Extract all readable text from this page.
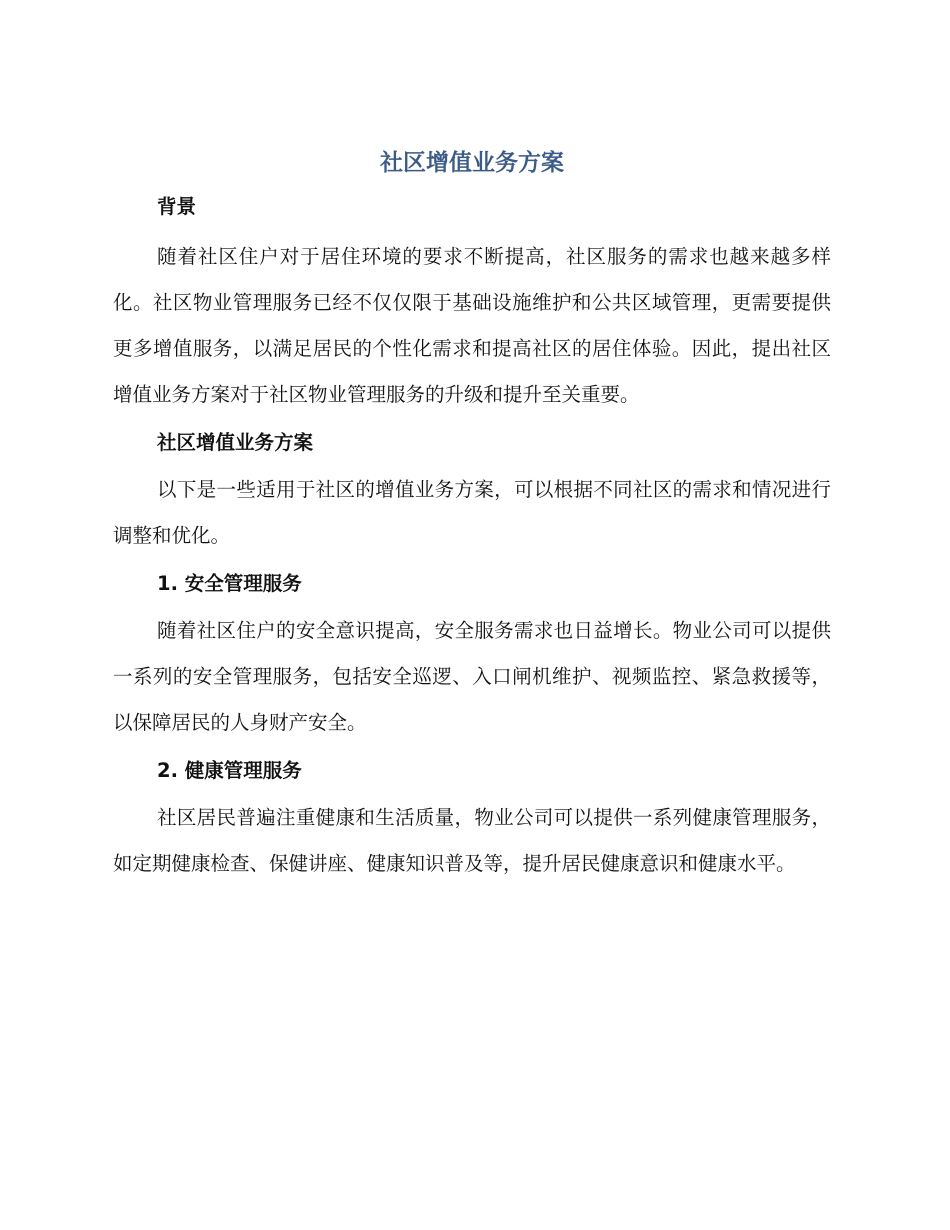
社区增值业务方案
背景

随着社区住户对于居住环境的要求不断提高，社区服务的需求也越来越多样化。社区物业管理服务已经不仅仅限于基础设施维护和公共区域管理，更需要提供更多增值服务，以满足居民的个性化需求和提高社区的居住体验。因此，提出社区增值业务方案对于社区物业管理服务的升级和提升至关重要。

社区增值业务方案

以下是一些适用于社区的增值业务方案，可以根据不同社区的需求和情况进行调整和优化。

1. 安全管理服务

随着社区住户的安全意识提高，安全服务需求也日益增长。物业公司可以提供一系列的安全管理服务，包括安全巡逻、入口闸机维护、视频监控、紧急救援等，以保障居民的人身财产安全。

2. 健康管理服务

社区居民普遍注重健康和生活质量，物业公司可以提供一系列健康管理服务，如定期健康检查、保健讲座、健康知识普及等，提升居民健康意识和健康水平。
